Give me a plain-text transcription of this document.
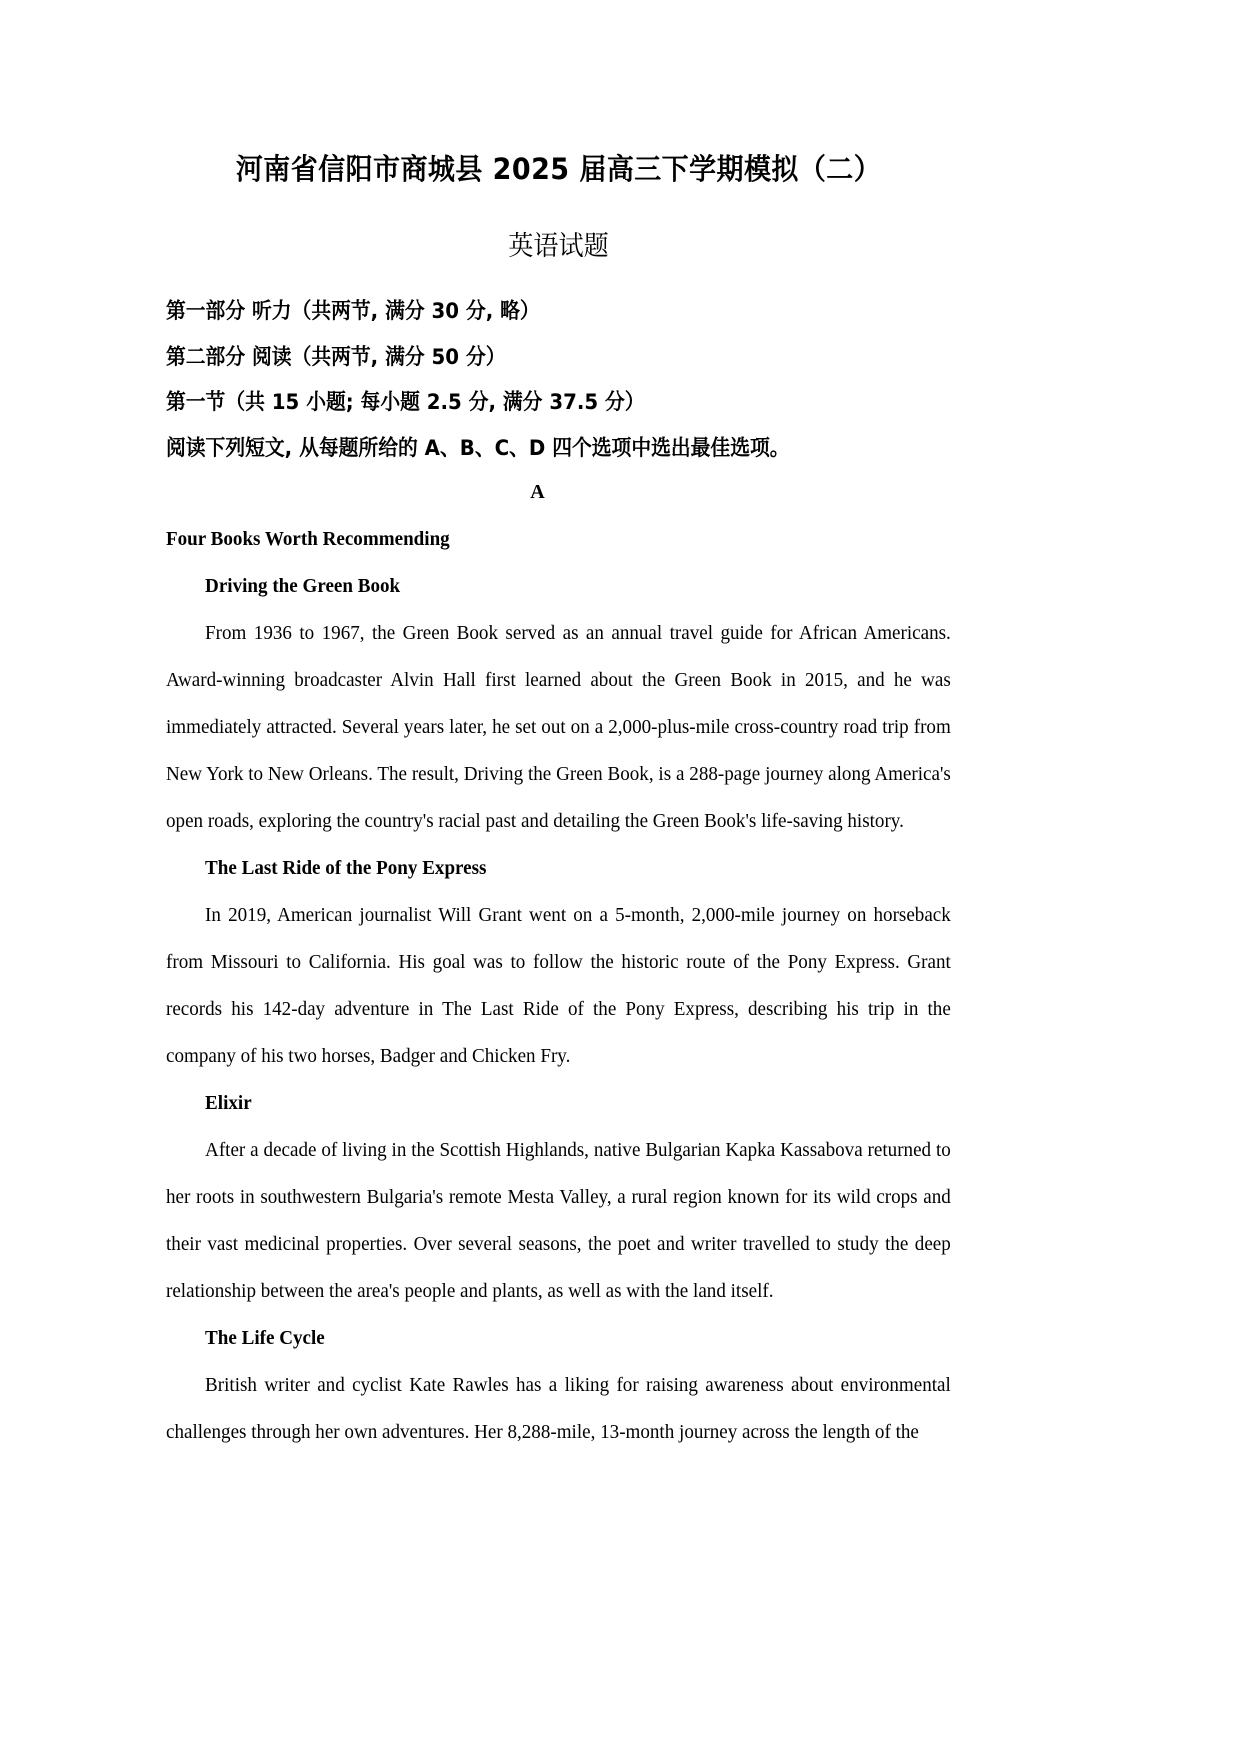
河南省信阳市商城县 2025 届高三下学期模拟（二）
英语试题

第一部分 听力（共两节, 满分 30 分, 略）

第二部分 阅读（共两节, 满分 50 分）

第一节（共 15 小题; 每小题 2.5 分, 满分 37.5 分）

阅读下列短文, 从每题所给的 A、B、C、D 四个选项中选出最佳选项。

A

Four Books Worth Recommending

Driving the Green Book

From 1936 to 1967, the Green Book served as an annual travel guide for African Americans. Award-winning broadcaster Alvin Hall first learned about the Green Book in 2015, and he was immediately attracted. Several years later, he set out on a 2,000-plus-mile cross-country road trip from New York to New Orleans. The result, Driving the Green Book, is a 288-page journey along America's open roads, exploring the country's racial past and detailing the Green Book's life-saving history.

The Last Ride of the Pony Express

In 2019, American journalist Will Grant went on a 5-month, 2,000-mile journey on horseback from Missouri to California. His goal was to follow the historic route of the Pony Express. Grant records his 142-day adventure in The Last Ride of the Pony Express, describing his trip in the company of his two horses, Badger and Chicken Fry.

Elixir

After a decade of living in the Scottish Highlands, native Bulgarian Kapka Kassabova returned to her roots in southwestern Bulgaria's remote Mesta Valley, a rural region known for its wild crops and their vast medicinal properties. Over several seasons, the poet and writer travelled to study the deep relationship between the area's people and plants, as well as with the land itself.

The Life Cycle

British writer and cyclist Kate Rawles has a liking for raising awareness about environmental challenges through her own adventures. Her 8,288-mile, 13-month journey across the length of the
